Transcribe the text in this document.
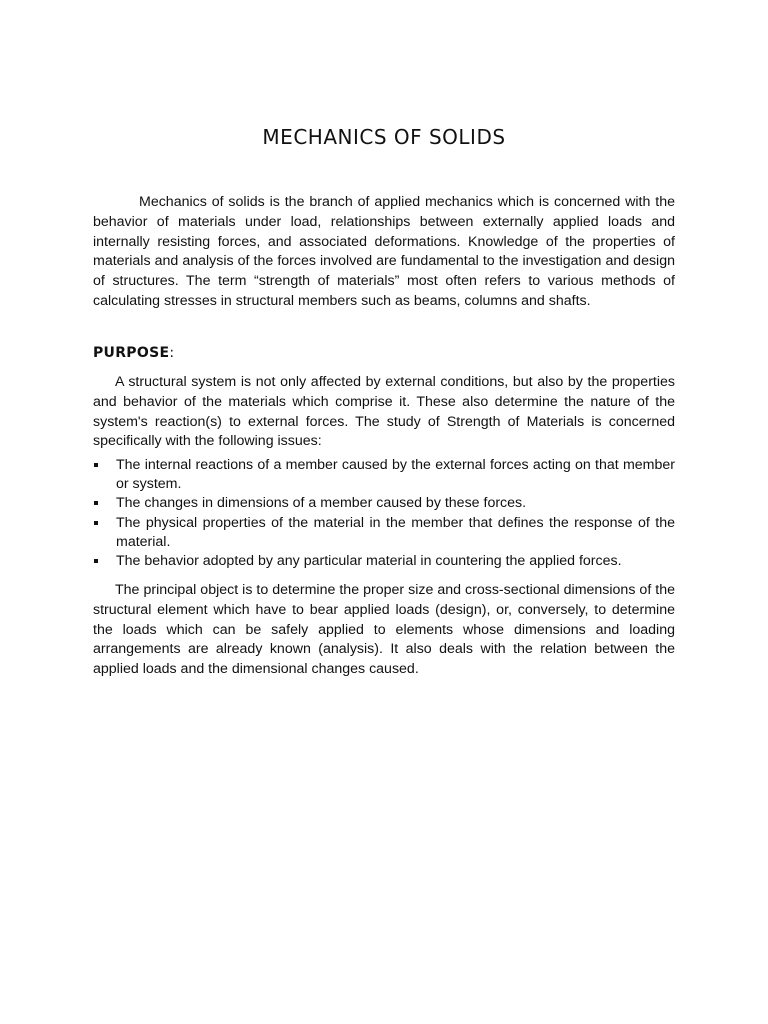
MECHANICS OF SOLIDS

Mechanics of solids is the branch of applied mechanics which is concerned with the behavior of materials under load, relationships between externally applied loads and internally resisting forces, and associated deformations. Knowledge of the properties of materials and analysis of the forces involved are fundamental to the investigation and design of structures. The term “strength of materials” most often refers to various methods of calculating stresses in structural members such as beams, columns and shafts.

PURPOSE:

A structural system is not only affected by external conditions, but also by the properties and behavior of the materials which comprise it. These also determine the nature of the system's reaction(s) to external forces. The study of Strength of Materials is concerned specifically with the following issues:

The internal reactions of a member caused by the external forces acting on that member or system.
The changes in dimensions of a member caused by these forces.
The physical properties of the material in the member that defines the response of the material.
The behavior adopted by any particular material in countering the applied forces.

The principal object is to determine the proper size and cross-sectional dimensions of the structural element which have to bear applied loads (design), or, conversely, to determine the loads which can be safely applied to elements whose dimensions and loading arrangements are already known (analysis). It also deals with the relation between the applied loads and the dimensional changes caused.
